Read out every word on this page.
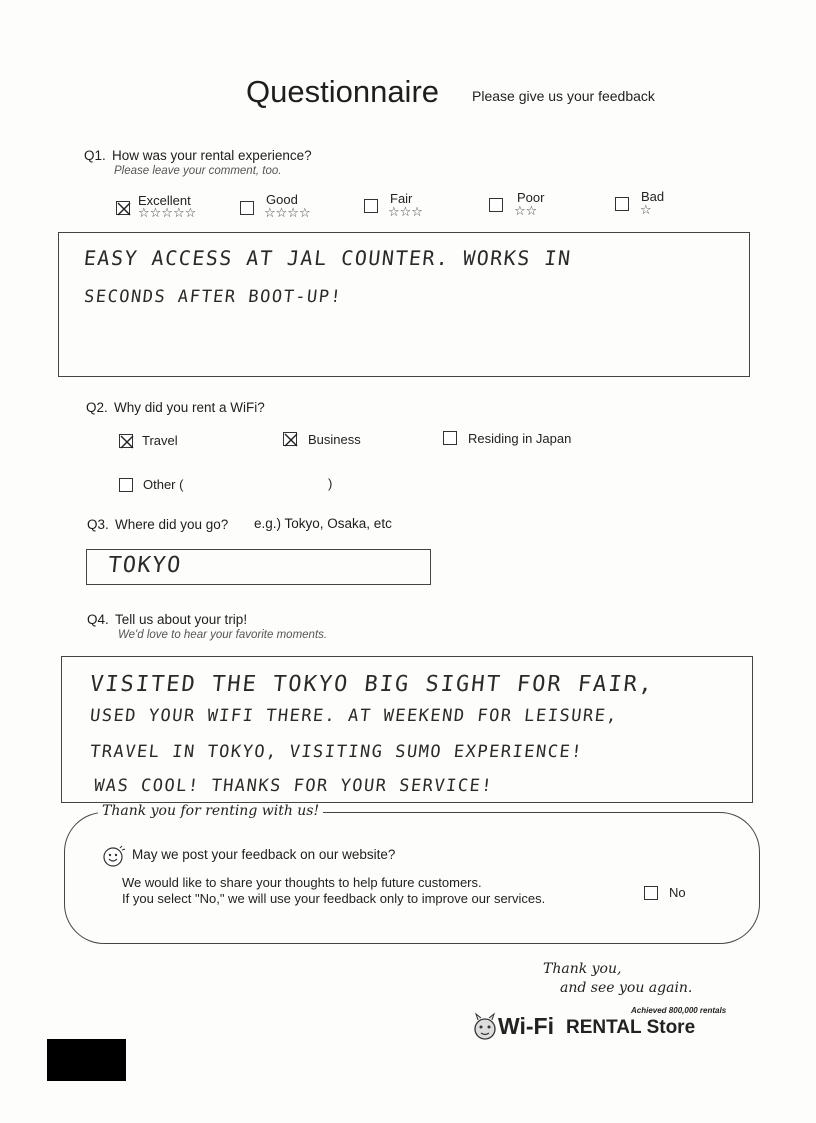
Questionnaire Please give us your feedback
Q1. How was your rental experience?
Please leave your comment, too.
Excellent
☆☆☆☆☆
Good
☆☆☆☆
Fair
☆☆☆
Poor
☆☆
Bad
☆
EASY ACCESS AT JAL COUNTER. WORKS IN
SECONDS AFTER BOOT-UP!
Q2. Why did you rent a WiFi?
Travel	Business	Residing in Japan
Other (	)
Q3. Where did you go? e.g.) Tokyo, Osaka, etc
TOKYO
Q4. Tell us about your trip!
We'd love to hear your favorite moments.
VISITED THE TOKYO BIG SIGHT FOR FAIR,
USED YOUR WIFI THERE. AT WEEKEND FOR LEISURE,
TRAVEL IN TOKYO, VISITING SUMO EXPERIENCE!
WAS COOL! THANKS FOR YOUR SERVICE!
Thank you for renting with us!
May we post your feedback on our website?
We would like to share your thoughts to help future customers.
If you select "No," we will use your feedback only to improve our services.	No
Thank you,
and see you again.
Achieved 800,000 rentals
Wi-Fi RENTAL Store
